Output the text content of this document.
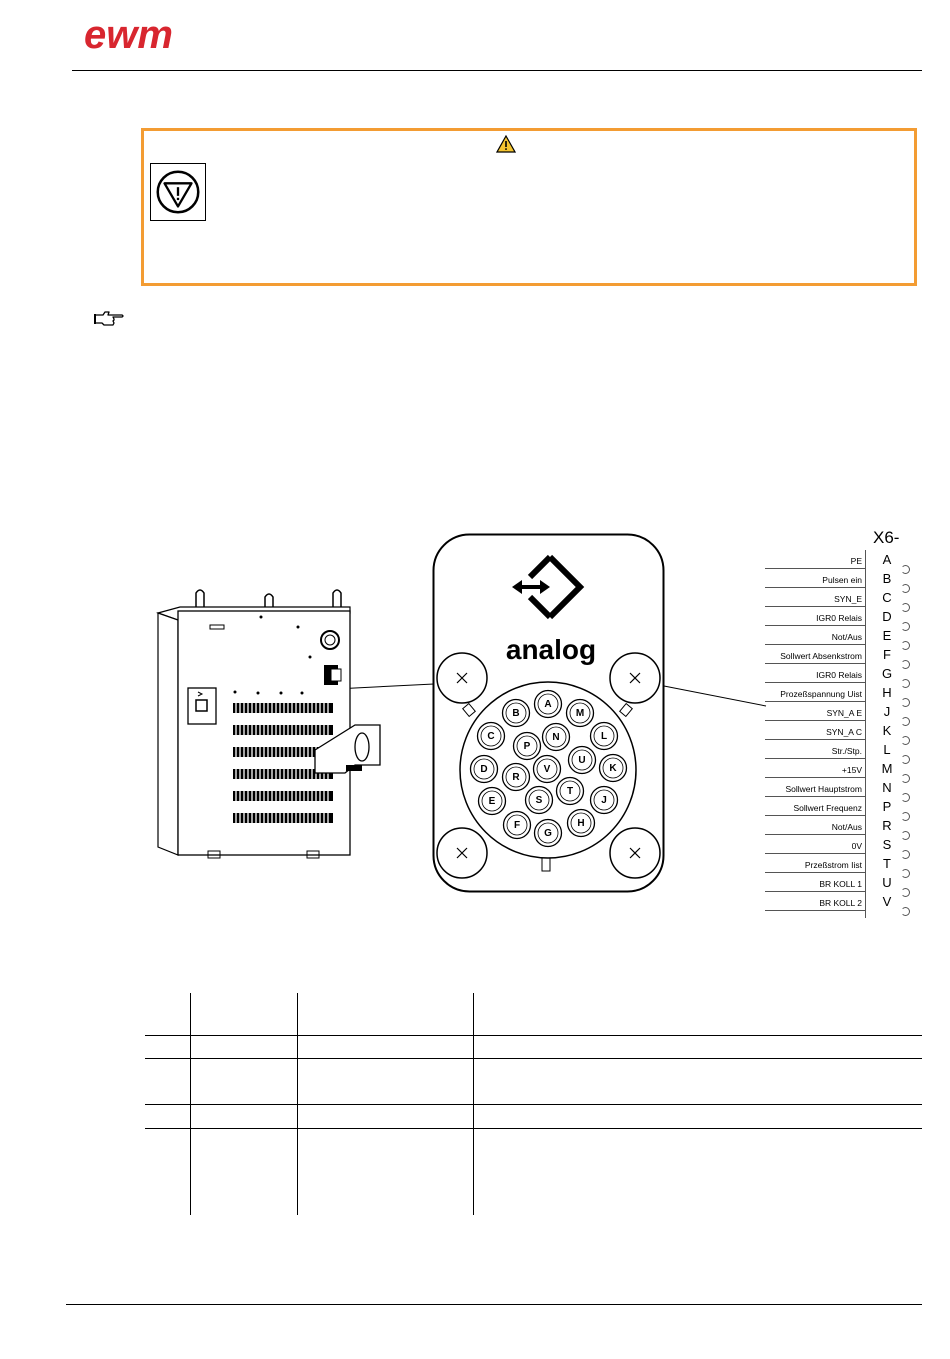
ewm
analog
A
B
C
D
E
F
G
H
J
K
L
M
N
P
R
S
T
U
V
X6-
PE	A
Pulsen ein	B
SYN_E	C
IGR0 Relais	D
Not/Aus	E
Sollwert Absenkstrom	F
IGR0 Relais	G
Prozeßspannung Uist	H
SYN_A E	J
SYN_A C	K
Str./Stp.	L
+15V	M
Sollwert Hauptstrom	N
Sollwert Frequenz	P
Not/Aus	R
0V	S
Przeßstrom Iist	T
BR KOLL 1	U
BR KOLL 2	V
